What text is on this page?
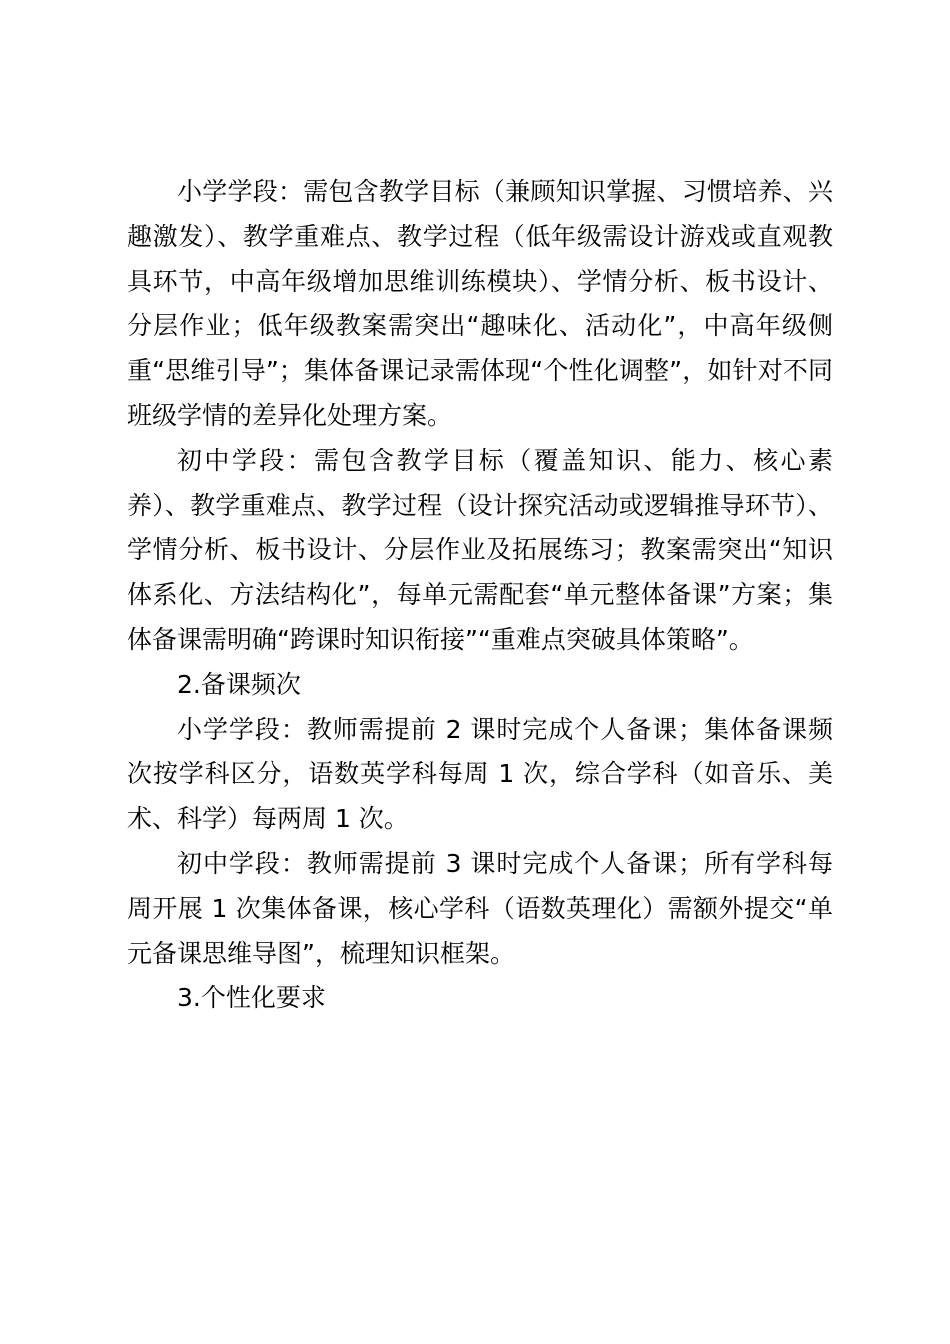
小学学段：需包含教学目标（兼顾知识掌握、习惯培养、兴趣激发）、教学重难点、教学过程（低年级需设计游戏或直观教具环节，中高年级增加思维训练模块）、学情分析、板书设计、分层作业；低年级教案需突出“趣味化、活动化”，中高年级侧重“思维引导”；集体备课记录需体现“个性化调整”，如针对不同班级学情的差异化处理方案。

初中学段：需包含教学目标（覆盖知识、能力、核心素养）、教学重难点、教学过程（设计探究活动或逻辑推导环节）、学情分析、板书设计、分层作业及拓展练习；教案需突出“知识体系化、方法结构化”，每单元需配套“单元整体备课”方案；集体备课需明确“跨课时知识衔接”“重难点突破具体策略”。

2.备课频次

小学学段：教师需提前 2 课时完成个人备课；集体备课频次按学科区分，语数英学科每周 1 次，综合学科（如音乐、美术、科学）每两周 1 次。

初中学段：教师需提前 3 课时完成个人备课；所有学科每周开展 1 次集体备课，核心学科（语数英理化）需额外提交“单元备课思维导图”，梳理知识框架。

3.个性化要求
